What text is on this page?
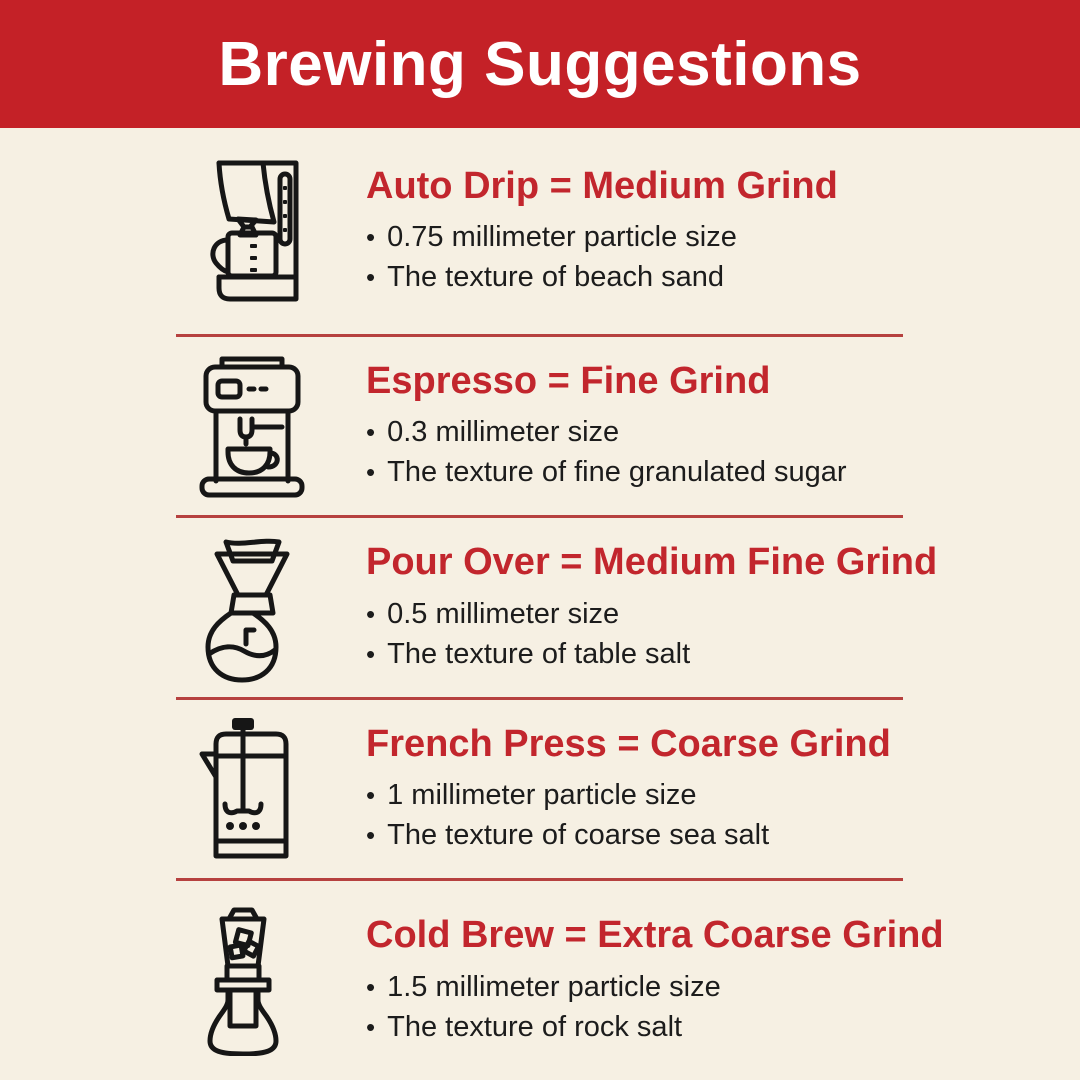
Brewing Suggestions
Auto Drip = Medium Grind
• 0.75 millimeter particle size
• The texture of beach sand
Espresso = Fine Grind
• 0.3 millimeter size
• The texture of fine granulated sugar
Pour Over = Medium Fine Grind
• 0.5 millimeter size
• The texture of table salt
French Press = Coarse Grind
• 1 millimeter particle size
• The texture of coarse sea salt
Cold Brew = Extra Coarse Grind
• 1.5 millimeter particle size
• The texture of rock salt
